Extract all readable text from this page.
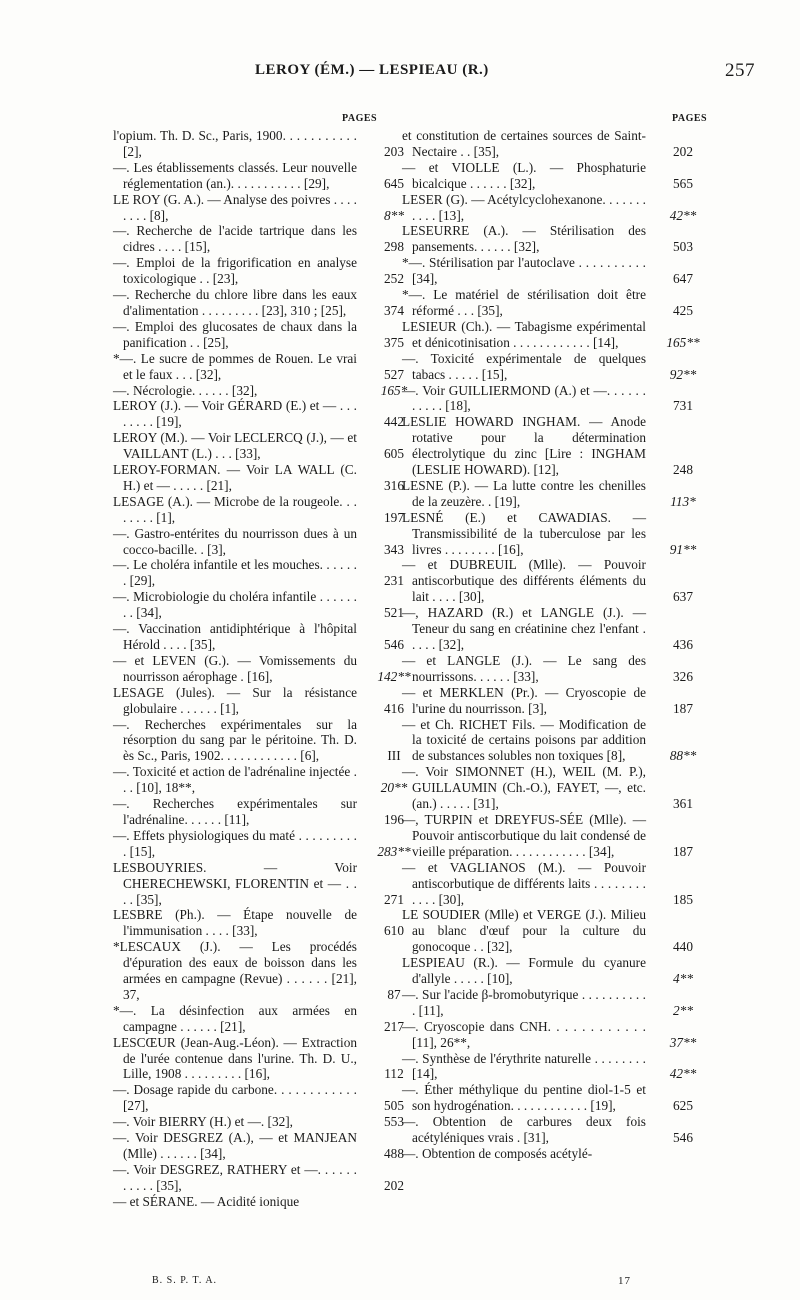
LEROY (ÉM.) — LESPIEAU (R.)	257
PAGES	PAGES
l'opium. Th. D. Sc., Paris, 1900. . . . . . . . . . . [2],	203
—. Les établissements classés. Leur nouvelle réglementation (an.). . . . . . . . . . . [29],	645
LE ROY (G. A.). — Analyse des poivres . . . . . . . . [8],	8**
—. Recherche de l'acide tartrique dans les cidres . . . . [15],	298
—. Emploi de la frigorification en analyse toxicologique . . [23],	252
—. Recherche du chlore libre dans les eaux d'alimentation . . . . . . . . . [23], 310 ; [25],	374
—. Emploi des glucosates de chaux dans la panification . . [25],	375
*—. Le sucre de pommes de Rouen. Le vrai et le faux . . . [32],	527
—. Nécrologie. . . . . . [32],	165*
LEROY (J.). — Voir GÉRARD (E.) et — . . . . . . . . [19],	442
LEROY (M.). — Voir LECLERCQ (J.), — et VAILLANT (L.) . . . [33],	605
LEROY-FORMAN. — Voir LA WALL (C. H.) et — . . . . . [21],	316
LESAGE (A.). — Microbe de la rougeole. . . . . . . . [1],	197
—. Gastro-entérites du nourrisson dues à un cocco-bacille. . [3],	343
—. Le choléra infantile et les mouches. . . . . . . [29],	231
—. Microbiologie du choléra infantile . . . . . . . . [34],	521
—. Vaccination antidiphtérique à l'hôpital Hérold . . . . [35],	546
— et LEVEN (G.). — Vomissements du nourrisson aérophage . [16],	142**
LESAGE (Jules). — Sur la résistance globulaire . . . . . . [1],	416
—. Recherches expérimentales sur la résorption du sang par le péritoine. Th. D. ès Sc., Paris, 1902. . . . . . . . . . . . [6],	III
—. Toxicité et action de l'adrénaline injectée . . . [10], 18**,	20**
—. Recherches expérimentales sur l'adrénaline. . . . . . [11],	196
—. Effets physiologiques du maté . . . . . . . . . . [15],	283**
LESBOUYRIES. — Voir CHERECHEWSKI, FLORENTIN et — . . . . [35],	271
LESBRE (Ph.). — Étape nouvelle de l'immunisation . . . . [33],	610
*LESCAUX (J.). — Les procédés d'épuration des eaux de boisson dans les armées en campagne (Revue) . . . . . . [21], 37,	87
*—. La désinfection aux armées en campagne . . . . . . [21],	217
LESCŒUR (Jean-Aug.-Léon). — Extraction de l'urée contenue dans l'urine. Th. D. U., Lille, 1908 . . . . . . . . . [16],	112
—. Dosage rapide du carbone. . . . . . . . . . . . [27],	505
—. Voir BIERRY (H.) et —. [32],	553
—. Voir DESGREZ (A.), — et MANJEAN (Mlle) . . . . . . [34],	488
—. Voir DESGREZ, RATHERY et —. . . . . . . . . . . [35],	202
— et SÉRANE. — Acidité ionique
et constitution de certaines sources de Saint-Nectaire . . [35],	202
— et VIOLLE (L.). — Phosphaturie bicalcique . . . . . . [32],	565
LESER (G). — Acétylcyclohexanone. . . . . . . . . . . [13],	42**
LESEURRE (A.). — Stérilisation des pansements. . . . . . [32],	503
*—. Stérilisation par l'autoclave . . . . . . . . . . [34],	647
*—. Le matériel de stérilisation doit être réformé . . . [35],	425
LESIEUR (Ch.). — Tabagisme expérimental et dénicotinisation . . . . . . . . . . . . [14],	165**
—. Toxicité expérimentale de quelques tabacs . . . . . [15],	92**
—. Voir GUILLIERMOND (A.) et —. . . . . . . . . . . [18],	731
LESLIE HOWARD INGHAM. — Anode rotative pour la détermination électrolytique du zinc [Lire : INGHAM (LESLIE HOWARD). [12],	248
LESNE (P.). — La lutte contre les chenilles de la zeuzère. . [19],	113*
LESNÉ (E.) et CAWADIAS. — Transmissibilité de la tuberculose par les livres . . . . . . . . [16],	91**
— et DUBREUIL (Mlle). — Pouvoir antiscorbutique des différents éléments du lait . . . . [30],	637
—, HAZARD (R.) et LANGLE (J.). — Teneur du sang en créatinine chez l'enfant . . . . . [32],	436
— et LANGLE (J.). — Le sang des nourrissons. . . . . . [33],	326
— et MERKLEN (Pr.). — Cryoscopie de l'urine du nourrisson. [3],	187
— et Ch. RICHET Fils. — Modification de la toxicité de certains poisons par addition de substances solubles non toxiques [8],	88**
—. Voir SIMONNET (H.), WEIL (M. P.), GUILLAUMIN (Ch.-O.), FAYET, —, etc. (an.) . . . . . [31],	361
—, TURPIN et DREYFUS-SÉE (Mlle). — Pouvoir antiscorbutique du lait condensé de vieille préparation. . . . . . . . . . . . [34],	187
— et VAGLIANOS (M.). — Pouvoir antiscorbutique de différents laits . . . . . . . . . . . . [30],	185
LE SOUDIER (Mlle) et VERGE (J.). Milieu au blanc d'œuf pour la culture du gonocoque . . [32],	440
LESPIEAU (R.). — Formule du cyanure d'allyle . . . . . [10],	4**
—. Sur l'acide β-bromobutyrique . . . . . . . . . . . [11],	2**
—. Cryoscopie dans CNH. . . . . . . . . . . . [11], 26**,	37**
—. Synthèse de l'érythrite naturelle . . . . . . . . [14],	42**
—. Éther méthylique du pentine diol-1-5 et son hydrogénation. . . . . . . . . . . . [19],	625
—. Obtention de carbures deux fois acétyléniques vrais . [31],	546
—. Obtention de composés acétylé-
B. S. P. T. A.	17
